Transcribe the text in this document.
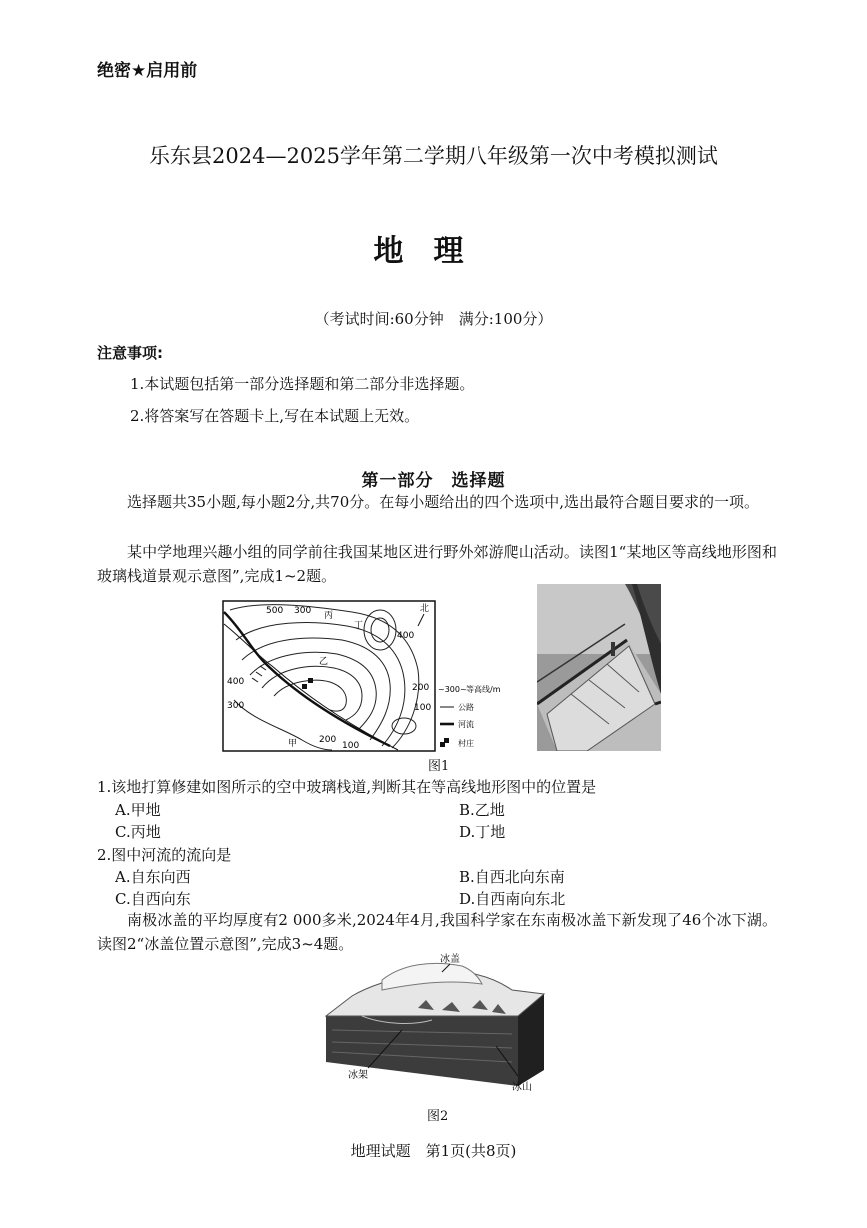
绝密★启用前
乐东县2024—2025学年第二学期八年级第一次中考模拟测试
地理
（考试时间:60分钟　满分:100分）
注意事项:
1.本试题包括第一部分选择题和第二部分非选择题。
2.将答案写在答题卡上,写在本试题上无效。
第一部分　选择题
选择题共35小题,每小题2分,共70分。在每小题给出的四个选项中,选出最符合题目要求的一项。
某中学地理兴趣小组的同学前往我国某地区进行野外郊游爬山活动。读图1“某地区等高线地形图和玻璃栈道景观示意图”,完成1~2题。
500 300
400
300
400
200
100
200
100
丙
丁
甲
乙
北
~300~ 等高线/m
公路
河流
村庄
图1
1.该地打算修建如图所示的空中玻璃栈道,判断其在等高线地形图中的位置是
A.甲地	B.乙地
C.丙地	D.丁地
2.图中河流的流向是
A.自东向西	B.自西北向东南
C.自西向东	D.自西南向东北
南极冰盖的平均厚度有2 000多米,2024年4月,我国科学家在东南极冰盖下新发现了46个冰下湖。读图2“冰盖位置示意图”,完成3~4题。
冰盖
冰架
冰山
图2
地理试题　第1页(共8页)
